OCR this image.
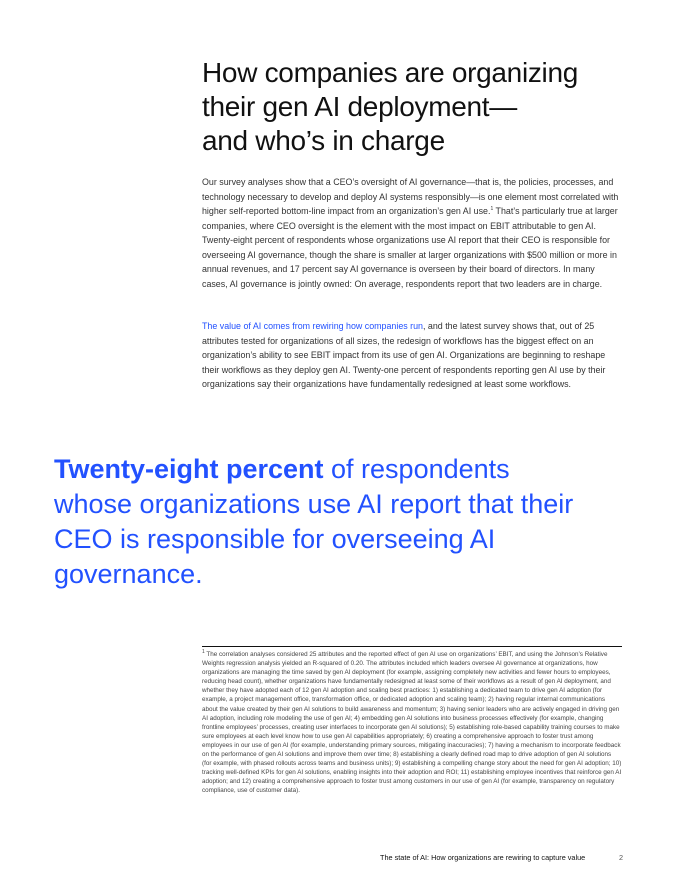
How companies are organizing
their gen AI deployment—
and who’s in charge

Our survey analyses show that a CEO’s oversight of AI governance—that is, the policies, processes, and technology necessary to develop and deploy AI systems responsibly—is one element most correlated with higher self-reported bottom-line impact from an organization’s gen AI use.$^1$ That’s particularly true at larger companies, where CEO oversight is the element with the most impact on EBIT attributable to gen AI. Twenty-eight percent of respondents whose organizations use AI report that their CEO is responsible for overseeing AI governance, though the share is smaller at larger organizations with $500 million or more in annual revenues, and 17 percent say AI governance is overseen by their board of directors. In many cases, AI governance is jointly owned: On average, respondents report that two leaders are in charge.

The value of AI comes from rewiring how companies run, and the latest survey shows that, out of 25 attributes tested for organizations of all sizes, the redesign of workflows has the biggest effect on an organization’s ability to see EBIT impact from its use of gen AI. Organizations are beginning to reshape their workflows as they deploy gen AI. Twenty-one percent of respondents reporting gen AI use by their organizations say their organizations have fundamentally redesigned at least some workflows.

Twenty-eight percent of respondents whose organizations use AI report that their CEO is responsible for overseeing AI governance.

$^1$ The correlation analyses considered 25 attributes and the reported effect of gen AI use on organizations’ EBIT, and using the Johnson’s Relative Weights regression analysis yielded an R-squared of 0.20. The attributes included which leaders oversee AI governance at organizations, how organizations are managing the time saved by gen AI deployment (for example, assigning completely new activities and fewer hours to employees, reducing head count), whether organizations have fundamentally redesigned at least some of their workflows as a result of gen AI deployment, and whether they have adopted each of 12 gen AI adoption and scaling best practices: 1) establishing a dedicated team to drive gen AI adoption (for example, a project management office, transformation office, or dedicated adoption and scaling team); 2) having regular internal communications about the value created by their gen AI solutions to build awareness and momentum; 3) having senior leaders who are actively engaged in driving gen AI adoption, including role modeling the use of gen AI; 4) embedding gen AI solutions into business processes effectively (for example, changing frontline employees’ processes, creating user interfaces to incorporate gen AI solutions); 5) establishing role-based capability training courses to make sure employees at each level know how to use gen AI capabilities appropriately; 6) creating a comprehensive approach to foster trust among employees in our use of gen AI (for example, understanding primary sources, mitigating inaccuracies); 7) having a mechanism to incorporate feedback on the performance of gen AI solutions and improve them over time; 8) establishing a clearly defined road map to drive adoption of gen AI solutions (for example, with phased rollouts across teams and business units); 9) establishing a compelling change story about the need for gen AI adoption; 10) tracking well-defined KPIs for gen AI solutions, enabling insights into their adoption and ROI; 11) establishing employee incentives that reinforce gen AI adoption; and 12) creating a comprehensive approach to foster trust among customers in our use of gen AI (for example, transparency on regulatory compliance, use of customer data).

The state of AI: How organizations are rewiring to capture value	2
